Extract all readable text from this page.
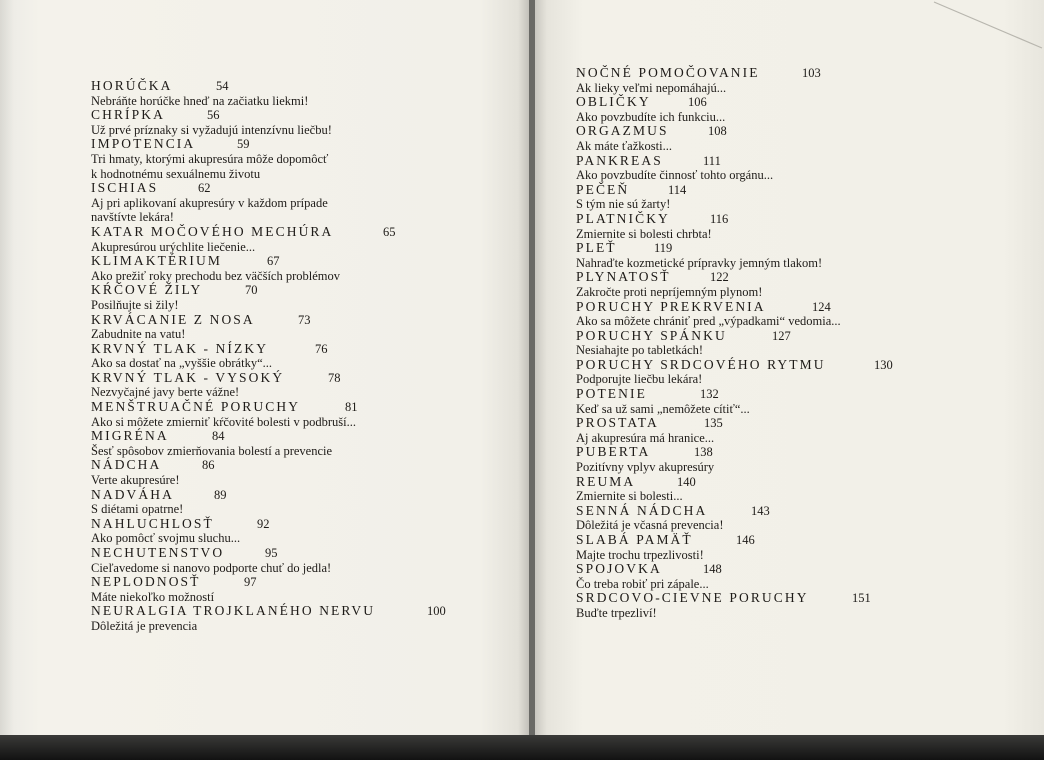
HORÚČKA	54
Nebráňte horúčke hneď na začiatku liekmi!
CHRÍPKA	56
Už prvé príznaky si vyžadujú intenzívnu liečbu!
IMPOTENCIA	59
Tri hmaty, ktorými akupresúra môže dopomôcť
k hodnotnému sexuálnemu životu
ISCHIAS	62
Aj pri aplikovaní akupresúry v každom prípade
navštívte lekára!
KATAR MOČOVÉHO MECHÚRA	65
Akupresúrou urýchlite liečenie...
KLIMAKTÉRIUM	67
Ako prežiť roky prechodu bez väčších problémov
KŔČOVÉ ŽILY	70
Posilňujte si žily!
KRVÁCANIE Z NOSA	73
Zabudnite na vatu!
KRVNÝ TLAK - NÍZKY	76
Ako sa dostať na „vyššie obrátky“...
KRVNÝ TLAK - VYSOKÝ	78
Nezvyčajné javy berte vážne!
MENŠTRUAČNÉ PORUCHY	81
Ako si môžete zmierniť kŕčovité bolesti v podbruší...
MIGRÉNA	84
Šesť spôsobov zmierňovania bolestí a prevencie
NÁDCHA	86
Verte akupresúre!
NADVÁHA	89
S diétami opatrne!
NAHLUCHLOSŤ	92
Ako pomôcť svojmu sluchu...
NECHUTENSTVO	95
Cieľavedome si nanovo podporte chuť do jedla!
NEPLODNOSŤ	97
Máte niekoľko možností
NEURALGIA TROJKLANÉHO NERVU	100
Dôležitá je prevencia
NOČNÉ POMOČOVANIE	103
Ak lieky veľmi nepomáhajú...
OBLIČKY	106
Ako povzbudíte ich funkciu...
ORGAZMUS	108
Ak máte ťažkosti...
PANKREAS	111
Ako povzbudíte činnosť tohto orgánu...
PEČEŇ	114
S tým nie sú žarty!
PLATNIČKY	116
Zmiernite si bolesti chrbta!
PLEŤ	119
Nahraďte kozmetické prípravky jemným tlakom!
PLYNATOSŤ	122
Zakročte proti nepríjemným plynom!
PORUCHY PREKRVENIA	124
Ako sa môžete chrániť pred „výpadkami“ vedomia...
PORUCHY SPÁNKU	127
Nesiahajte po tabletkách!
PORUCHY SRDCOVÉHO RYTMU	130
Podporujte liečbu lekára!
POTENIE	132
Keď sa už sami „nemôžete cítiť“...
PROSTATA	135
Aj akupresúra má hranice...
PUBERTA	138
Pozitívny vplyv akupresúry
REUMA	140
Zmiernite si bolesti...
SENNÁ NÁDCHA	143
Dôležitá je včasná prevencia!
SLABÁ PAMÄŤ	146
Majte trochu trpezlivosti!
SPOJOVKA	148
Čo treba robiť pri zápale...
SRDCOVO-CIEVNE PORUCHY	151
Buďte trpezliví!
